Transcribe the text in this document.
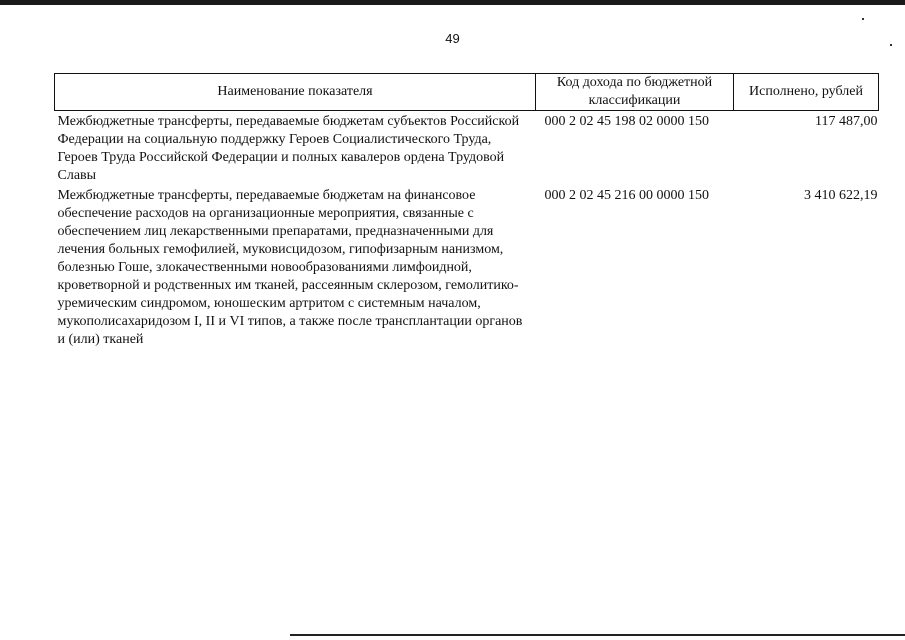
49
Наименование показателя	Код дохода по бюджетной классификации	Исполнено, рублей
Межбюджетные трансферты, передаваемые бюджетам субъектов Российской Федерации на социальную поддержку Героев Социалистического Труда, Героев Труда Российской Федерации и полных кавалеров ордена Трудовой Славы	000 2 02 45 198 02 0000 150	117 487,00
Межбюджетные трансферты, передаваемые бюджетам на финансовое обеспечение расходов на организационные мероприятия, связанные с обеспечением лиц лекарственными препаратами, предназначенными для лечения больных гемофилией, муковисцидозом, гипофизарным нанизмом, болезнью Гоше, злокачественными новообразованиями лимфоидной, кроветворной и родственных им тканей, рассеянным склерозом, гемолитико-уремическим синдромом, юношеским артритом с системным началом, мукополисахаридозом I, II и VI типов, а также после трансплантации органов и (или) тканей	000 2 02 45 216 00 0000 150	3 410 622,19
